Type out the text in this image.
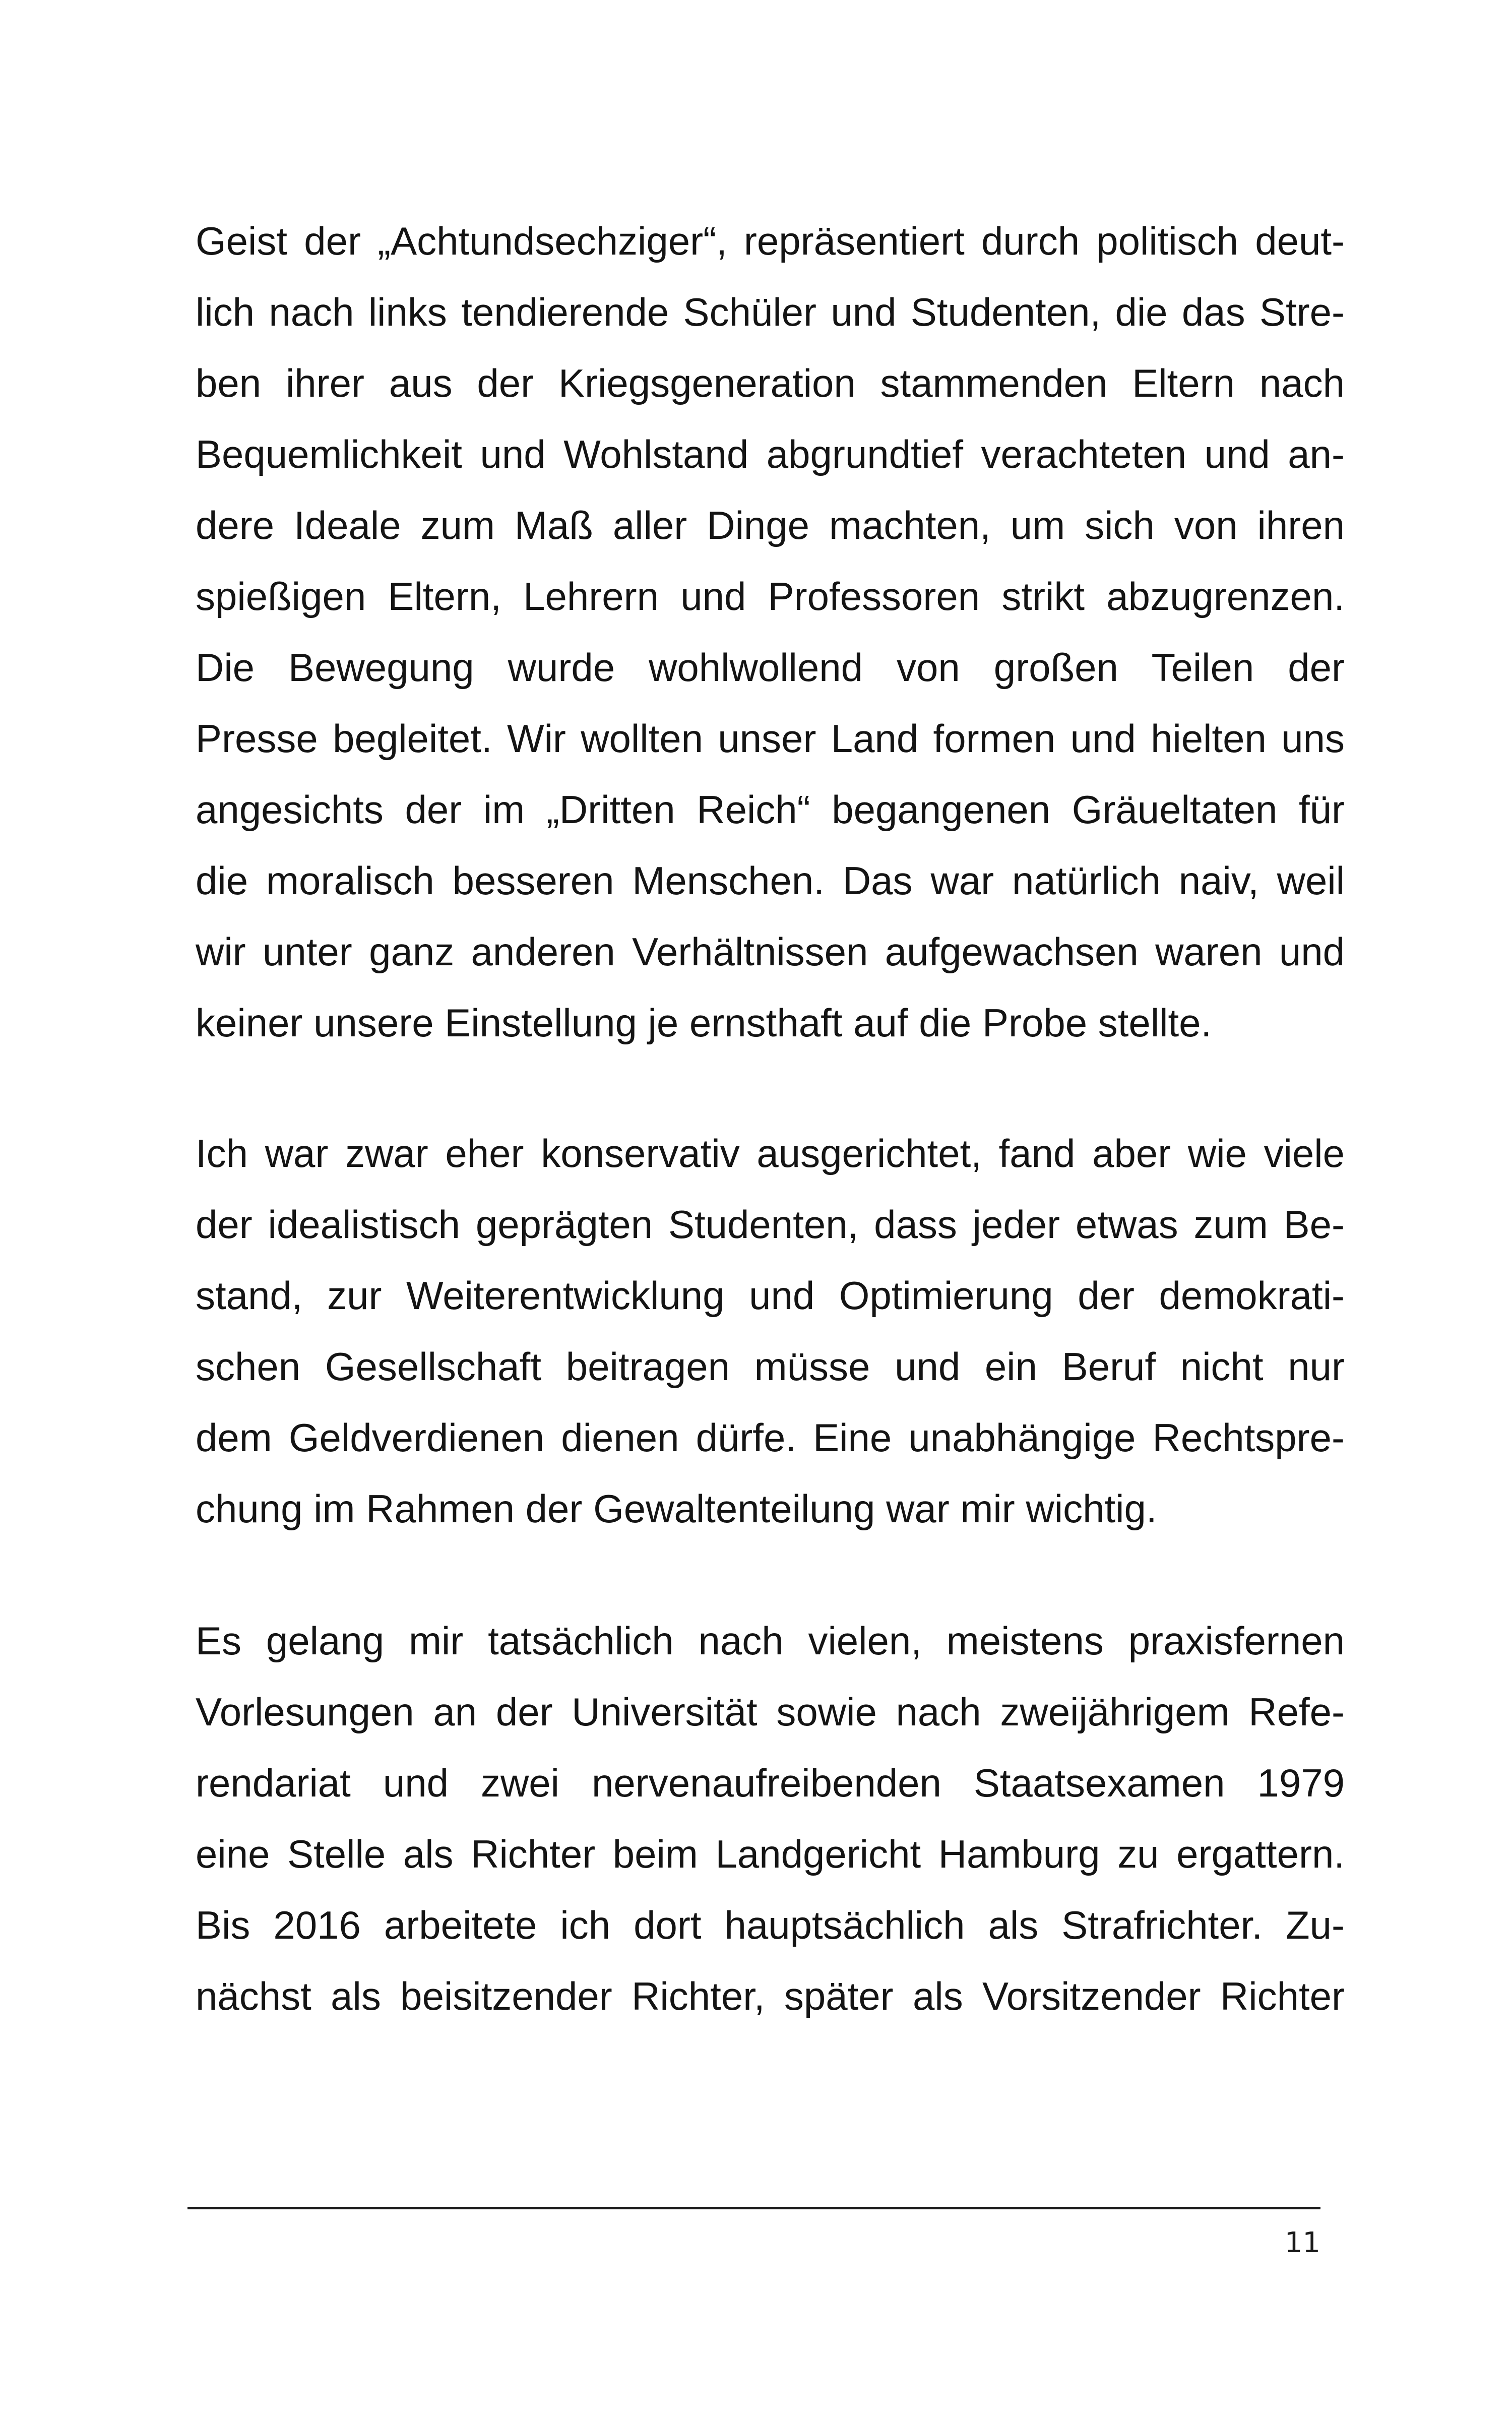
Geist der „Achtundsechziger“, repräsentiert durch politisch deut-
lich nach links tendierende Schüler und Studenten, die das Stre-
ben ihrer aus der Kriegsgeneration stammenden Eltern nach
Bequemlichkeit und Wohlstand abgrundtief verachteten und an-
dere Ideale zum Maß aller Dinge machten, um sich von ihren
spießigen Eltern, Lehrern und Professoren strikt abzugrenzen.
Die Bewegung wurde wohlwollend von großen Teilen der
Presse begleitet. Wir wollten unser Land formen und hielten uns
angesichts der im „Dritten Reich“ begangenen Gräueltaten für
die moralisch besseren Menschen. Das war natürlich naiv, weil
wir unter ganz anderen Verhältnissen aufgewachsen waren und
keiner unsere Einstellung je ernsthaft auf die Probe stellte.
Ich war zwar eher konservativ ausgerichtet, fand aber wie viele
der idealistisch geprägten Studenten, dass jeder etwas zum Be-
stand, zur Weiterentwicklung und Optimierung der demokrati-
schen Gesellschaft beitragen müsse und ein Beruf nicht nur
dem Geldverdienen dienen dürfe. Eine unabhängige Rechtspre-
chung im Rahmen der Gewaltenteilung war mir wichtig.
Es gelang mir tatsächlich nach vielen, meistens praxisfernen
Vorlesungen an der Universität sowie nach zweijährigem Refe-
rendariat und zwei nervenaufreibenden Staatsexamen 1979
eine Stelle als Richter beim Landgericht Hamburg zu ergattern.
Bis 2016 arbeitete ich dort hauptsächlich als Strafrichter. Zu-
nächst als beisitzender Richter, später als Vorsitzender Richter
11
